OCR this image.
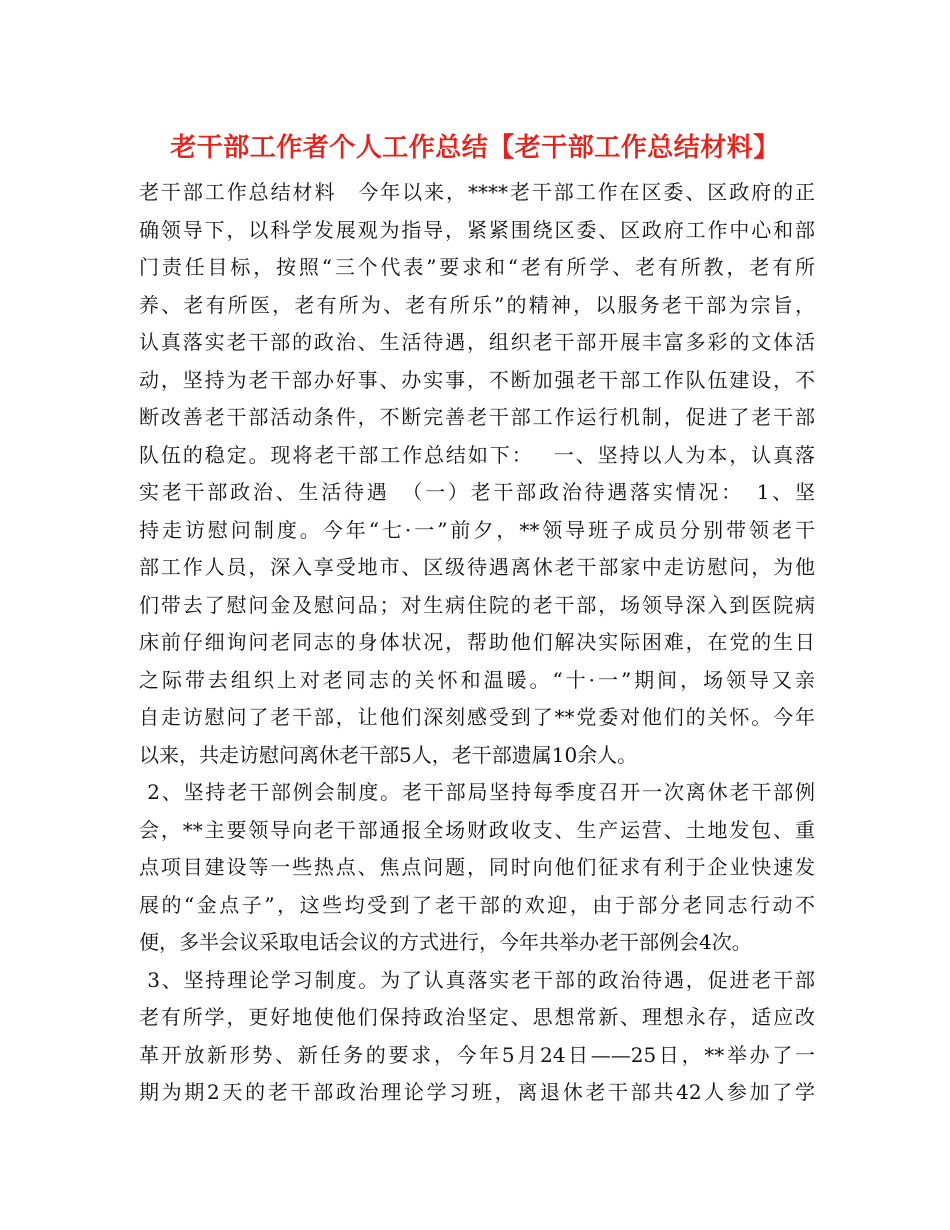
老干部工作者个人工作总结【老干部工作总结材料】

老干部工作总结材料　今年以来，****老干部工作在区委、区政府的正

确领导下，以科学发展观为指导，紧紧围绕区委、区政府工作中心和部

门责任目标，按照“三个代表”要求和“老有所学、老有所教，老有所

养、老有所医，老有所为、老有所乐”的精神，以服务老干部为宗旨，

认真落实老干部的政治、生活待遇，组织老干部开展丰富多彩的文体活

动，坚持为老干部办好事、办实事，不断加强老干部工作队伍建设，不

断改善老干部活动条件，不断完善老干部工作运行机制，促进了老干部

队伍的稳定。现将老干部工作总结如下：　 一、坚持以人为本，认真落

实老干部政治、生活待遇　（一）老干部政治待遇落实情况：　1、坚

持走访慰问制度。今年“七·一”前夕，**领导班子成员分别带领老干

部工作人员，深入享受地市、区级待遇离休老干部家中走访慰问，为他

们带去了慰问金及慰问品；对生病住院的老干部，场领导深入到医院病

床前仔细询问老同志的身体状况，帮助他们解决实际困难，在党的生日

之际带去组织上对老同志的关怀和温暖。“十·一”期间，场领导又亲

自走访慰问了老干部，让他们深刻感受到了**党委对他们的关怀。今年

以来，共走访慰问离休老干部5人，老干部遗属10余人。

2、坚持老干部例会制度。老干部局坚持每季度召开一次离休老干部例

会，**主要领导向老干部通报全场财政收支、生产运营、土地发包、重

点项目建设等一些热点、焦点问题，同时向他们征求有利于企业快速发

展的“金点子”，这些均受到了老干部的欢迎，由于部分老同志行动不

便，多半会议采取电话会议的方式进行，今年共举办老干部例会4次。

3、坚持理论学习制度。为了认真落实老干部的政治待遇，促进老干部

老有所学，更好地使他们保持政治坚定、思想常新、理想永存，适应改

革开放新形势、新任务的要求，今年5月24日——25日，**举办了一

期为期2天的老干部政治理论学习班，离退休老干部共42人参加了学
